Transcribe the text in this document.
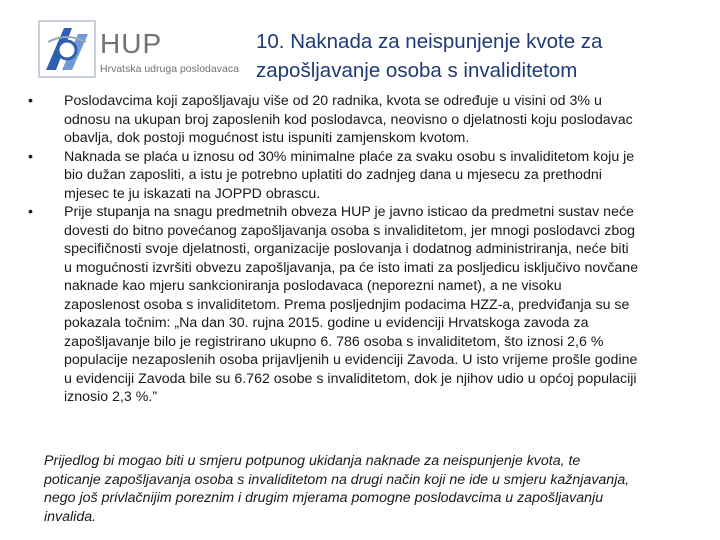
HUP
Hrvatska udruga poslodavaca
10. Naknada za neispunjenje kvote za
zapošljavanje osoba s invaliditetom
• Poslodavcima koji zapošljavaju više od 20 radnika, kvota se određuje u visini od 3% u
odnosu na ukupan broj zaposlenih kod poslodavca, neovisno o djelatnosti koju poslodavac
obavlja, dok postoji mogućnost istu ispuniti zamjenskom kvotom.
• Naknada se plaća u iznosu od 30% minimalne plaće za svaku osobu s invaliditetom koju je
bio dužan zaposliti, a istu je potrebno uplatiti do zadnjeg dana u mjesecu za prethodni
mjesec te ju iskazati na JOPPD obrascu.
• Prije stupanja na snagu predmetnih obveza HUP je javno isticao da predmetni sustav neće
dovesti do bitno povećanog zapošljavanja osoba s invaliditetom, jer mnogi poslodavci zbog
specifičnosti svoje djelatnosti, organizacije poslovanja i dodatnog administriranja, neće biti
u mogućnosti izvršiti obvezu zapošljavanja, pa će isto imati za posljedicu isključivo novčane
naknade kao mjeru sankcioniranja poslodavaca (neporezni namet), a ne visoku
zaposlenost osoba s invaliditetom. Prema posljednjim podacima HZZ-a, predviđanja su se
pokazala točnim: „Na dan 30. rujna 2015. godine u evidenciji Hrvatskoga zavoda za
zapošljavanje bilo je registrirano ukupno 6. 786 osoba s invaliditetom, što iznosi 2,6 %
populacije nezaposlenih osoba prijavljenih u evidenciji Zavoda. U isto vrijeme prošle godine
u evidenciji Zavoda bile su 6.762 osobe s invaliditetom, dok je njihov udio u općoj populaciji
iznosio 2,3 %.”
Prijedlog bi mogao biti u smjeru potpunog ukidanja naknade za neispunjenje kvota, te
poticanje zapošljavanja osoba s invaliditetom na drugi način koji ne ide u smjeru kažnjavanja,
nego još privlačnijim poreznim i drugim mjerama pomogne poslodavcima u zapošljavanju
invalida.
